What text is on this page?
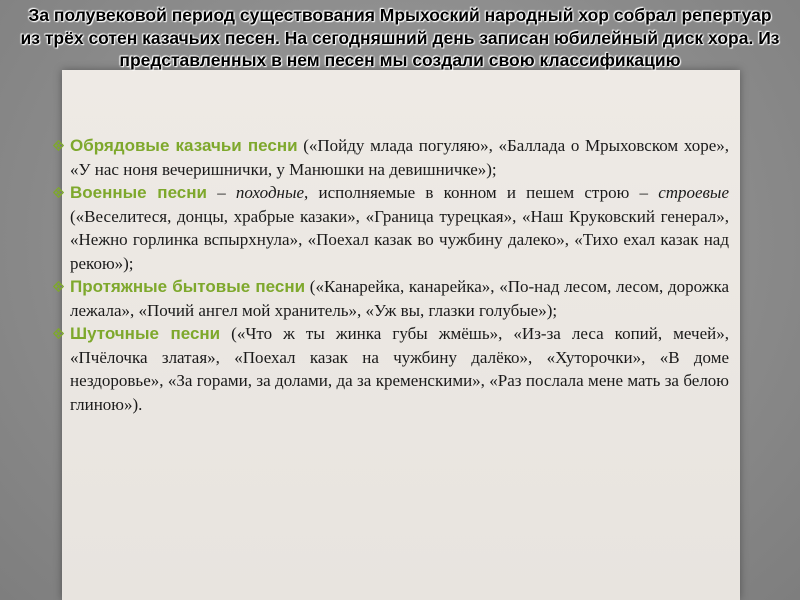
За полувековой период существования Мрыхоский народный хор собрал репертуар из трёх сотен казачьих песен. На сегодняшний день записан юбилейный диск хора. Из представленных в нем песен мы создали свою классификацию
Обрядовые казачьи песни («Пойду млада погуляю», «Баллада о Мрыховском хоре», «У нас ноня вечеришнички, у Манюшки на девишничке»);
Военные песни – походные, исполняемые в конном и пешем строю – строевые («Веселитеся, донцы, храбрые казаки», «Граница турецкая», «Наш Круковский генерал», «Нежно горлинка вспырхнула», «Поехал казак во чужбину далеко», «Тихо ехал казак над рекою»);
Протяжные бытовые песни («Канарейка, канарейка», «По-над лесом, лесом, дорожка лежала», «Почий ангел мой хранитель», «Уж вы, глазки голубые»);
Шуточные песни («Что ж ты жинка губы жмёшь», «Из-за леса копий, мечей», «Пчёлочка златая», «Поехал казак на чужбину далёко», «Хуторочки», «В доме нездоровье», «За горами, за долами, да за кременскими», «Раз послала мене мать за белою глиною»).
